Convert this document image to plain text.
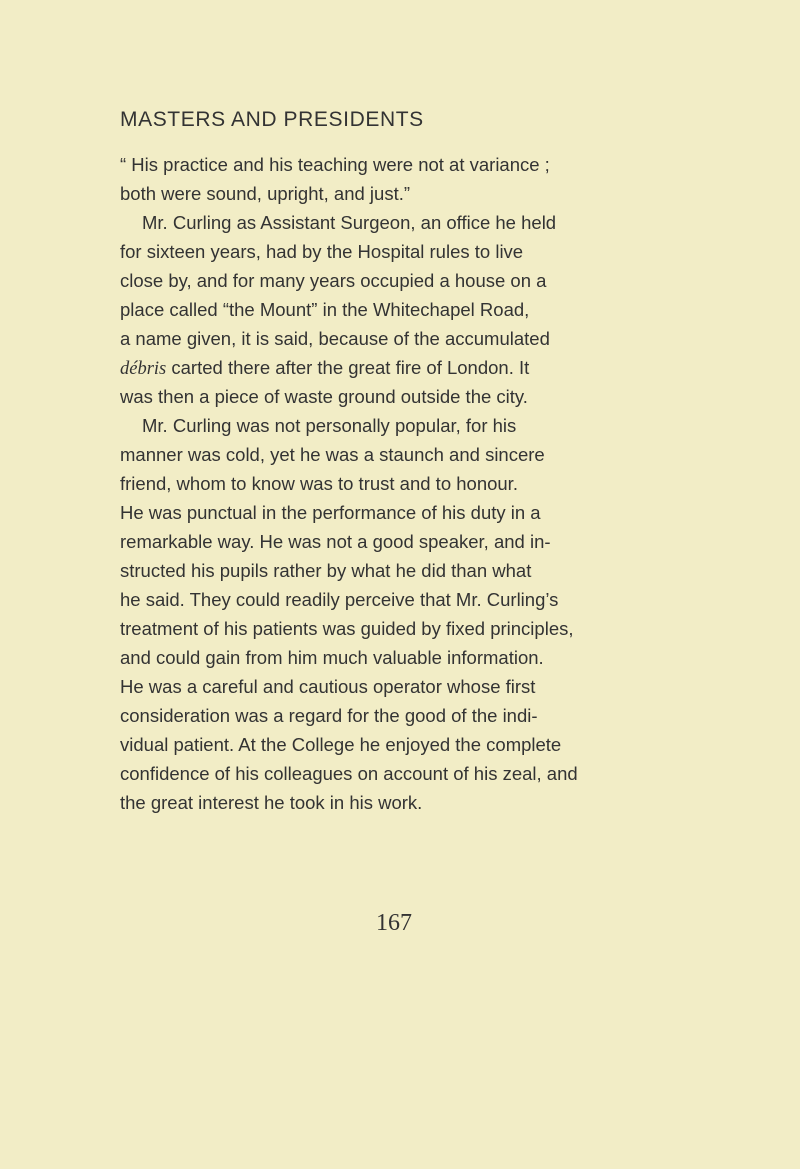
MASTERS AND PRESIDENTS
“ His practice and his teaching were not at variance ;
both were sound, upright, and just.”
Mr. Curling as Assistant Surgeon, an office he held
for sixteen years, had by the Hospital rules to live
close by, and for many years occupied a house on a
place called “the Mount” in the Whitechapel Road,
a name given, it is said, because of the accumulated
débris carted there after the great fire of London. It
was then a piece of waste ground outside the city.
Mr. Curling was not personally popular, for his
manner was cold, yet he was a staunch and sincere
friend, whom to know was to trust and to honour.
He was punctual in the performance of his duty in a
remarkable way. He was not a good speaker, and in-
structed his pupils rather by what he did than what
he said. They could readily perceive that Mr. Curling’s
treatment of his patients was guided by fixed principles,
and could gain from him much valuable information.
He was a careful and cautious operator whose first
consideration was a regard for the good of the indi-
vidual patient. At the College he enjoyed the complete
confidence of his colleagues on account of his zeal, and
the great interest he took in his work.
167
